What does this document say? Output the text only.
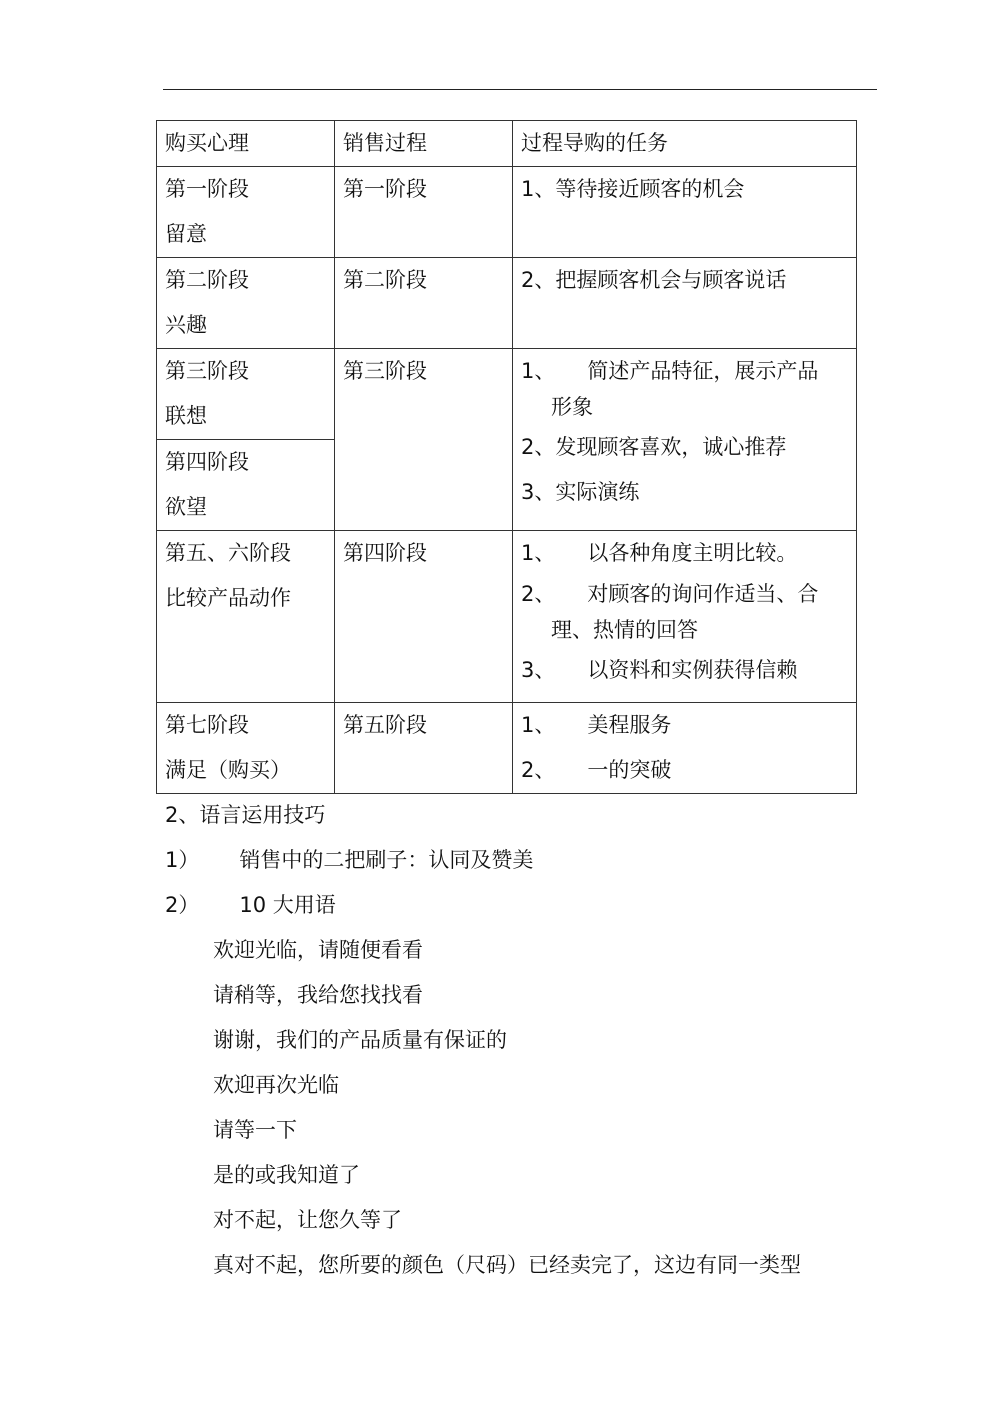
购买心理	销售过程	过程导购的任务

第一阶段
留意	第一阶段	1、等待接近顾客的机会

第二阶段
兴趣	第二阶段	2、把握顾客机会与顾客说话

第三阶段
联想	第三阶段	1、 简述产品特征，展示产品
形象
2、发现顾客喜欢，诚心推荐
3、实际演练

第四阶段
欲望		

第五、六阶段
比较产品动作	第四阶段	1、 以各种角度主明比较。
2、 对顾客的询问作适当、合
理、热情的回答
3、 以资料和实例获得信赖

第七阶段
满足（购买）	第五阶段	1、 美程服务
2、 一的突破
2、语言运用技巧
1） 销售中的二把刷子：认同及赞美
2） 10 大用语
欢迎光临，请随便看看
请稍等，我给您找找看
谢谢，我们的产品质量有保证的
欢迎再次光临
请等一下
是的或我知道了
对不起，让您久等了
真对不起，您所要的颜色（尺码）已经卖完了，这边有同一类型
